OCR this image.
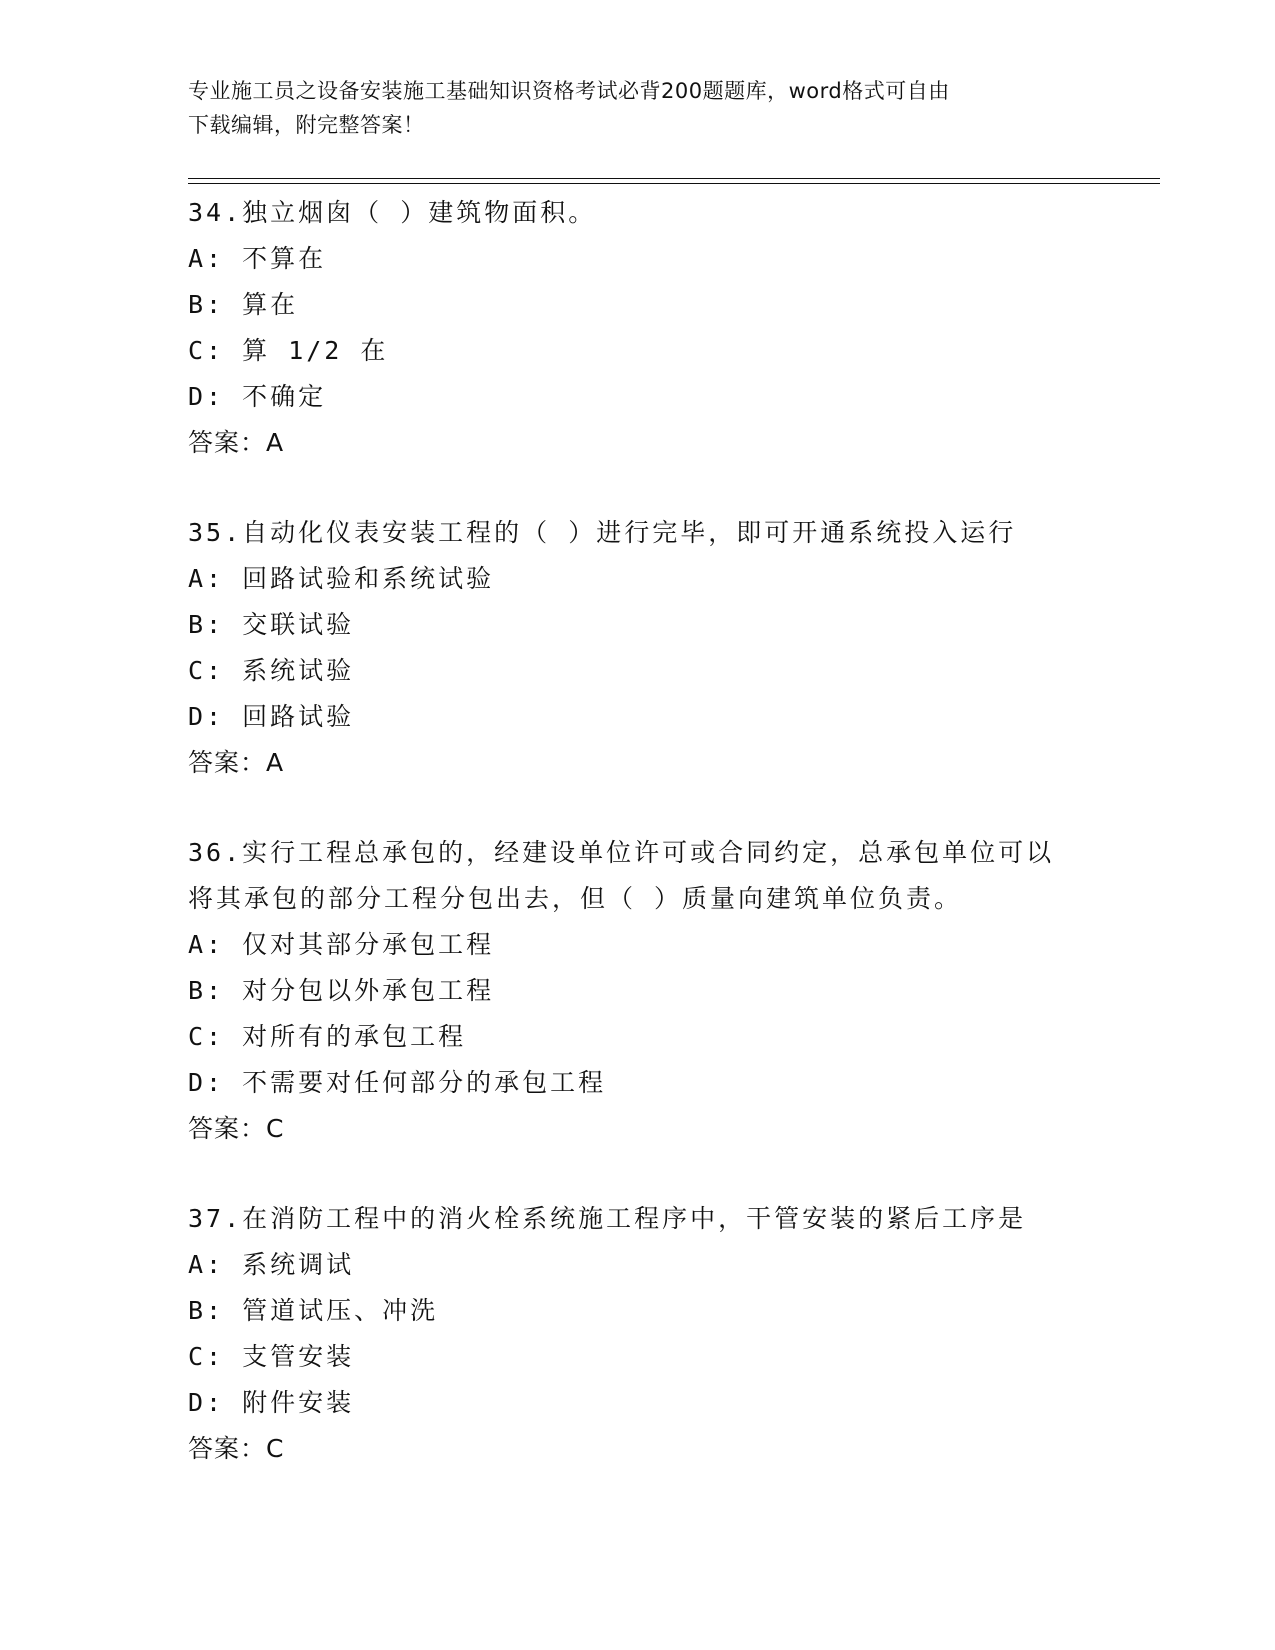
专业施工员之设备安装施工基础知识资格考试必背200题题库，word格式可自由
下载编辑，附完整答案！

34.独立烟囱（ ）建筑物面积。

A: 不算在

B: 算在

C: 算 1/2 在

D: 不确定

答案：A

35.自动化仪表安装工程的（ ）进行完毕，即可开通系统投入运行

A: 回路试验和系统试验

B: 交联试验

C: 系统试验

D: 回路试验

答案：A

36.实行工程总承包的，经建设单位许可或合同约定，总承包单位可以

将其承包的部分工程分包出去，但（ ）质量向建筑单位负责。

A: 仅对其部分承包工程

B: 对分包以外承包工程

C: 对所有的承包工程

D: 不需要对任何部分的承包工程

答案：C

37.在消防工程中的消火栓系统施工程序中，干管安装的紧后工序是

A: 系统调试

B: 管道试压、冲洗

C: 支管安装

D: 附件安装

答案：C
